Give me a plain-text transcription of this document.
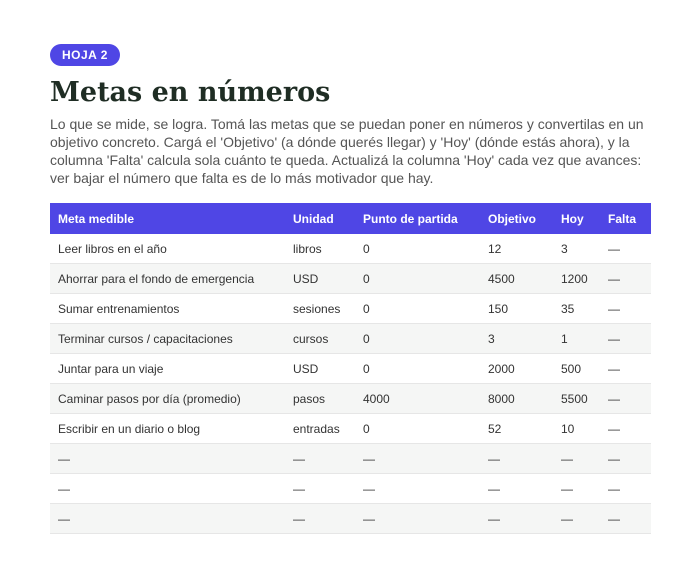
HOJA 2
Metas en números

Lo que se mide, se logra. Tomá las metas que se puedan poner en números y convertilas en un objetivo concreto. Cargá el 'Objetivo' (a dónde querés llegar) y 'Hoy' (dónde estás ahora), y la columna 'Falta' calcula sola cuánto te queda. Actualizá la columna 'Hoy' cada vez que avances: ver bajar el número que falta es de lo más motivador que hay.

Meta medible	Unidad	Punto de partida	Objetivo	Hoy	Falta
Leer libros en el año	libros	0	12	3	—
Ahorrar para el fondo de emergencia	USD	0	4500	1200	—
Sumar entrenamientos	sesiones	0	150	35	—
Terminar cursos / capacitaciones	cursos	0	3	1	—
Juntar para un viaje	USD	0	2000	500	—
Caminar pasos por día (promedio)	pasos	4000	8000	5500	—
Escribir en un diario o blog	entradas	0	52	10	—
—	—	—	—	—	—
—	—	—	—	—	—
—	—	—	—	—	—
